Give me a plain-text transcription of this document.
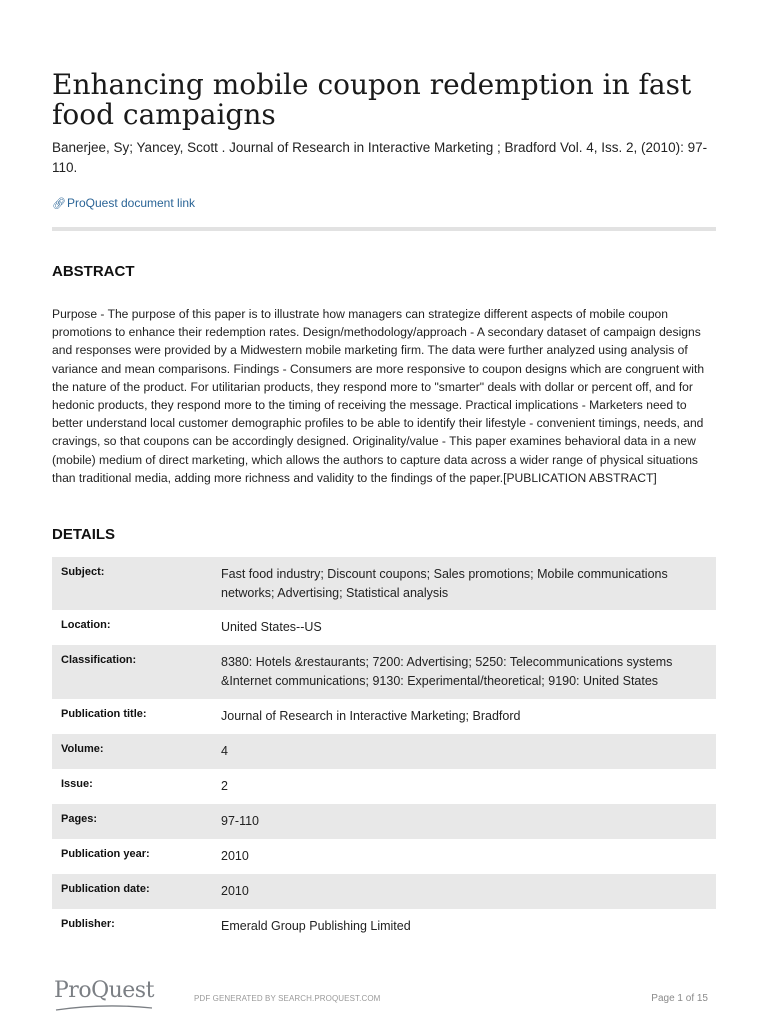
Enhancing mobile coupon redemption in fast food campaigns
Banerjee, Sy; Yancey, Scott . Journal of Research in Interactive Marketing ; Bradford Vol. 4, Iss. 2, (2010): 97-110.
🔗︎ProQuest document link
ABSTRACT

Purpose - The purpose of this paper is to illustrate how managers can strategize different aspects of mobile coupon promotions to enhance their redemption rates. Design/methodology/approach - A secondary dataset of campaign designs and responses were provided by a Midwestern mobile marketing firm. The data were further analyzed using analysis of variance and mean comparisons. Findings - Consumers are more responsive to coupon designs which are congruent with the nature of the product. For utilitarian products, they respond more to "smarter" deals with dollar or percent off, and for hedonic products, they respond more to the timing of receiving the message. Practical implications - Marketers need to better understand local customer demographic profiles to be able to identify their lifestyle - convenient timings, needs, and cravings, so that coupons can be accordingly designed. Originality/value - This paper examines behavioral data in a new (mobile) medium of direct marketing, which allows the authors to capture data across a wider range of physical situations than traditional media, adding more richness and validity to the findings of the paper.[PUBLICATION ABSTRACT]

DETAILS
Subject:	Fast food industry; Discount coupons; Sales promotions; Mobile communications networks; Advertising; Statistical analysis
Location:	United States--US
Classification:	8380: Hotels &restaurants; 7200: Advertising; 5250: Telecommunications systems &Internet communications; 9130: Experimental/theoretical; 9190: United States
Publication title:	Journal of Research in Interactive Marketing; Bradford
Volume:	4
Issue:	2
Pages:	97-110
Publication year:	2010
Publication date:	2010
Publisher:	Emerald Group Publishing Limited
ProQuest	PDF GENERATED BY SEARCH.PROQUEST.COM	Page 1 of 15
